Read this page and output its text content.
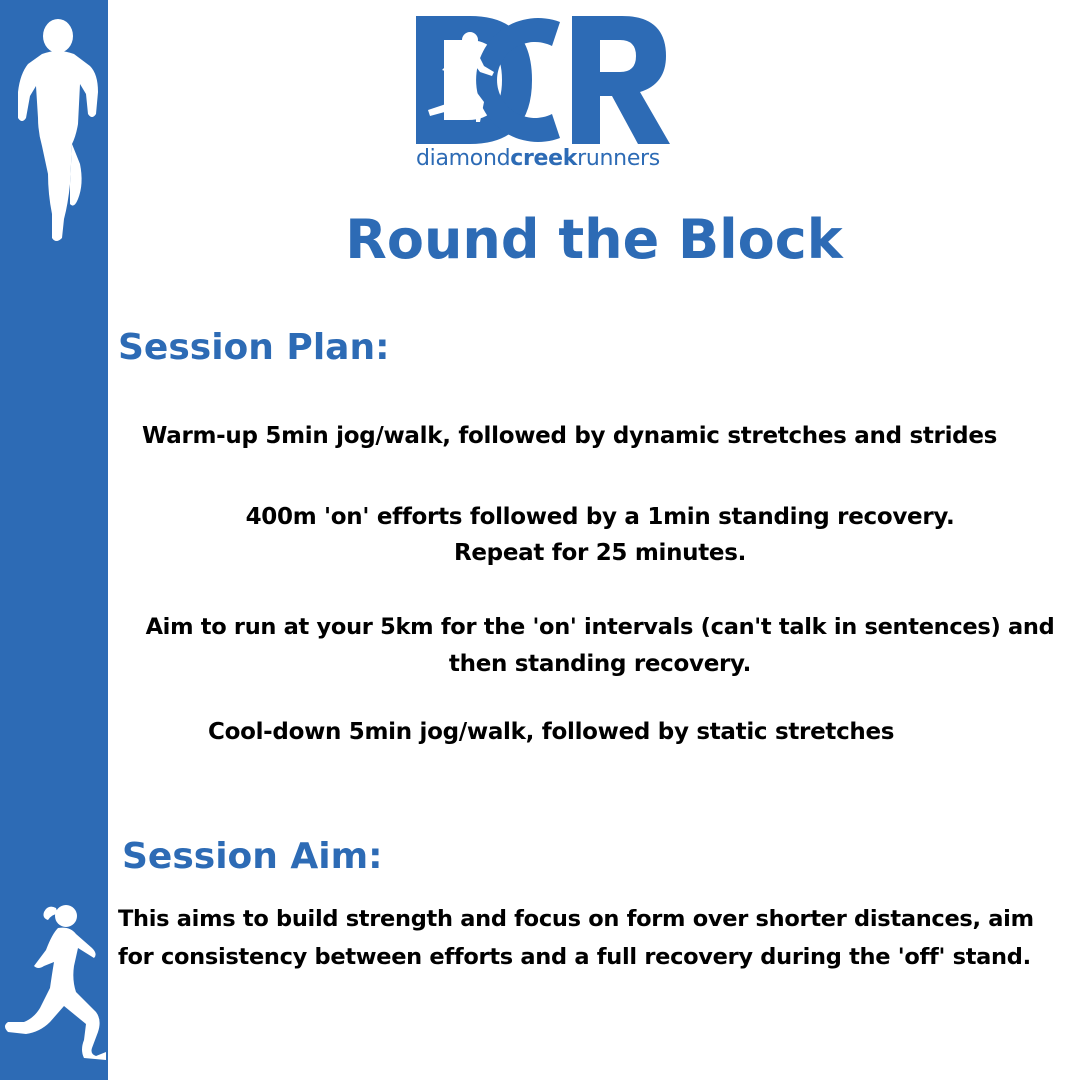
diamondcreekrunners
Round the Block
Session Plan:
Warm-up 5min jog/walk, followed by dynamic stretches and strides
400m 'on' efforts followed by a 1min standing recovery.
Repeat for 25 minutes.
Aim to run at your 5km for the 'on' intervals (can't talk in sentences) and
then standing recovery.
Cool-down 5min jog/walk, followed by static stretches
Session Aim:
This aims to build strength and focus on form over shorter distances, aim
for consistency between efforts and a full recovery during the 'off' stand.
